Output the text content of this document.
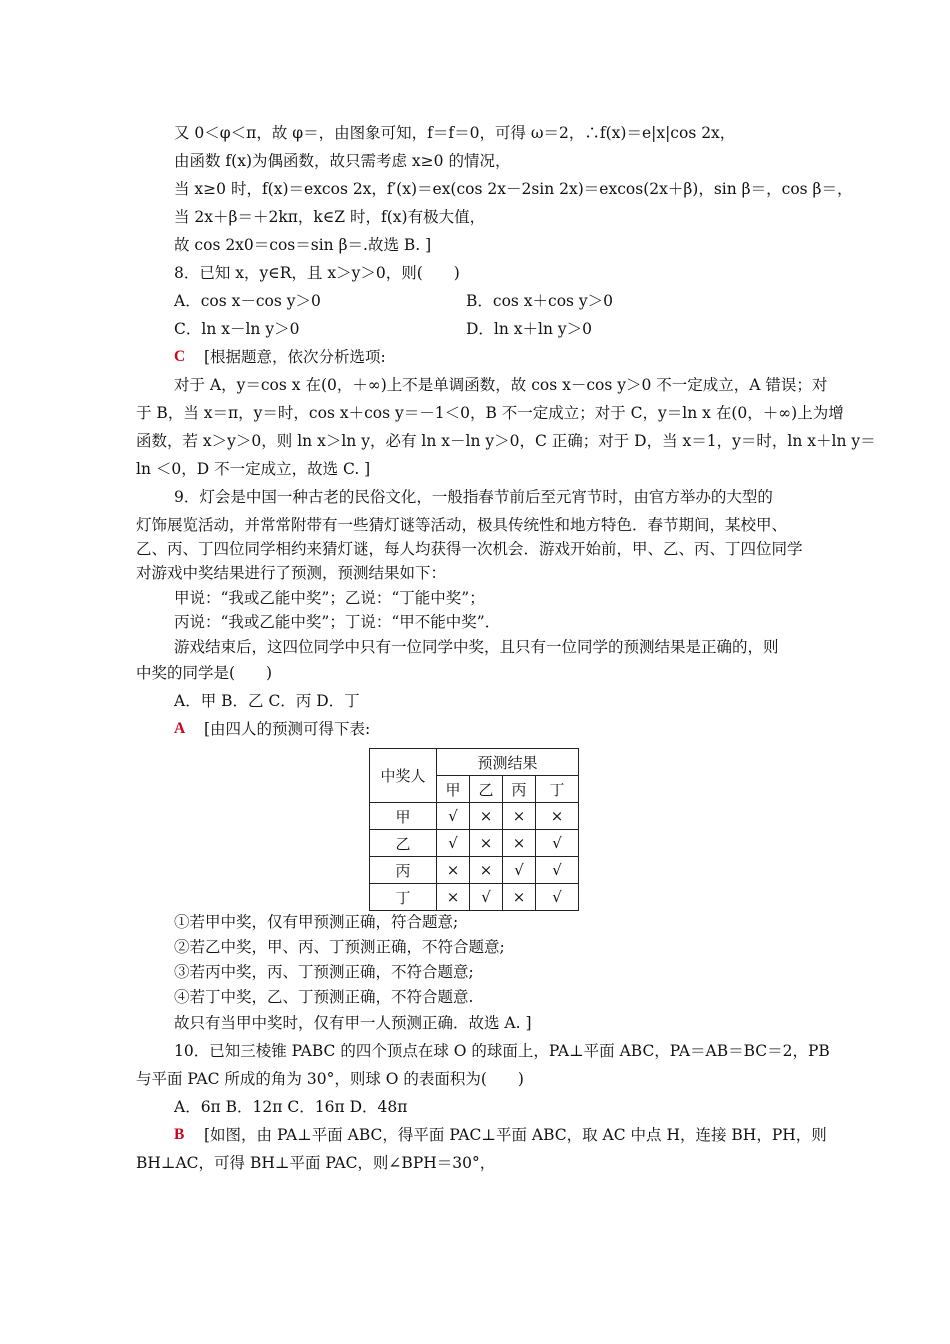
又 0＜φ＜π，故 φ＝，由图象可知，f＝f＝0，可得 ω＝2，∴f(x)＝e|x|cos 2x，
由函数 f(x)为偶函数，故只需考虑 x≥0 的情况，
当 x≥0 时，f(x)＝excos 2x，f′(x)＝ex(cos 2x－2sin 2x)＝excos(2x＋β)，sin β＝，cos β＝，
当 2x＋β＝＋2kπ，k∈Z 时，f(x)有极大值，
故 cos 2x0＝cos＝sin β＝.故选 B. ]
8．已知 x，y∈R，且 x＞y＞0，则(　　)
A．cos x－cos y＞0	B．cos x＋cos y＞0
C．ln x－ln y＞0	D．ln x＋ln y＞0
C [根据题意，依次分析选项:
对于 A，y＝cos x 在(0，＋∞)上不是单调函数，故 cos x－cos y＞0 不一定成立，A 错误；对
于 B，当 x＝π，y＝时，cos x＋cos y＝－1＜0，B 不一定成立；对于 C，y＝ln x 在(0，＋∞)上为增
函数，若 x＞y＞0，则 ln x＞ln y，必有 ln x－ln y＞0，C 正确；对于 D，当 x＝1，y＝时，ln x＋ln y＝
ln ＜0，D 不一定成立，故选 C. ]
9．灯会是中国一种古老的民俗文化，一般指春节前后至元宵节时，由官方举办的大型的
灯饰展览活动，并常常附带有一些猜灯谜等活动，极具传统性和地方特色．春节期间，某校甲、
乙、丙、丁四位同学相约来猜灯谜，每人均获得一次机会．游戏开始前，甲、乙、丙、丁四位同学
对游戏中奖结果进行了预测，预测结果如下：
甲说：“我或乙能中奖”；乙说：“丁能中奖”；
丙说：“我或乙能中奖”；丁说：“甲不能中奖”．
游戏结束后，这四位同学中只有一位同学中奖，且只有一位同学的预测结果是正确的，则
中奖的同学是(　　)
A．甲 B．乙 C．丙 D．丁
A [由四人的预测可得下表:
中奖人	预测结果			
	甲	乙	丙	丁
甲	√	×	×	×
乙	√	×	×	√
丙	×	×	√	√
丁	×	√	×	√
①若甲中奖，仅有甲预测正确，符合题意;
②若乙中奖，甲、丙、丁预测正确，不符合题意;
③若丙中奖，丙、丁预测正确，不符合题意;
④若丁中奖，乙、丁预测正确，不符合题意.
故只有当甲中奖时，仅有甲一人预测正确．故选 A. ]
10．已知三棱锥 PABC 的四个顶点在球 O 的球面上，PA⊥平面 ABC，PA＝AB＝BC＝2，PB
与平面 PAC 所成的角为 30°，则球 O 的表面积为(　　)
A．6π B．12π C．16π D．48π
B [如图，由 PA⊥平面 ABC，得平面 PAC⊥平面 ABC，取 AC 中点 H，连接 BH，PH，则
BH⊥AC，可得 BH⊥平面 PAC，则∠BPH＝30°，
